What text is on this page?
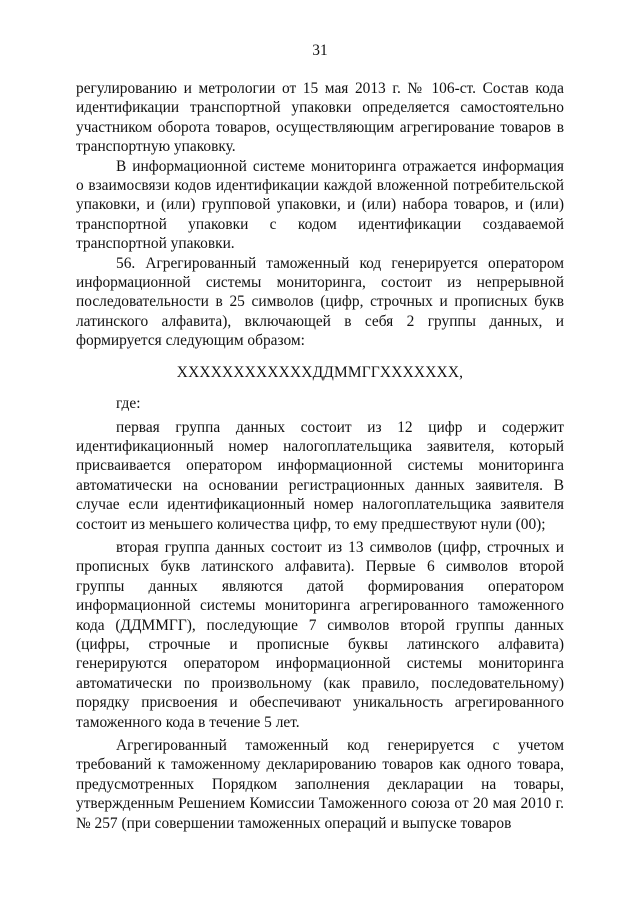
31

регулированию и метрологии от 15 мая 2013 г. № 106-ст. Состав кода идентификации транспортной упаковки определяется самостоятельно участником оборота товаров, осуществляющим агрегирование товаров в транспортную упаковку.

В информационной системе мониторинга отражается информация о взаимосвязи кодов идентификации каждой вложенной потребительской упаковки, и (или) групповой упаковки, и (или) набора товаров, и (или) транспортной упаковки с кодом идентификации создаваемой транспортной упаковки.

56. Агрегированный таможенный код генерируется оператором информационной системы мониторинга, состоит из непрерывной последовательности в 25 символов (цифр, строчных и прописных букв латинского алфавита), включающей в себя 2 группы данных, и формируется следующим образом:

ХХХХХХХХХХХХДДММГГХХХХХХХ,

где:

первая группа данных состоит из 12 цифр и содержит идентификационный номер налогоплательщика заявителя, который присваивается оператором информационной системы мониторинга автоматически на основании регистрационных данных заявителя. В случае если идентификационный номер налогоплательщика заявителя состоит из меньшего количества цифр, то ему предшествуют нули (00);

вторая группа данных состоит из 13 символов (цифр, строчных и прописных букв латинского алфавита). Первые 6 символов второй группы данных являются датой формирования оператором информационной системы мониторинга агрегированного таможенного кода (ДДММГГ), последующие 7 символов второй группы данных (цифры, строчные и прописные буквы латинского алфавита) генерируются оператором информационной системы мониторинга автоматически по произвольному (как правило, последовательному) порядку присвоения и обеспечивают уникальность агрегированного таможенного кода в течение 5 лет.

Агрегированный таможенный код генерируется с учетом требований к таможенному декларированию товаров как одного товара, предусмотренных Порядком заполнения декларации на товары, утвержденным Решением Комиссии Таможенного союза от 20 мая 2010 г. № 257 (при совершении таможенных операций и выпуске товаров
